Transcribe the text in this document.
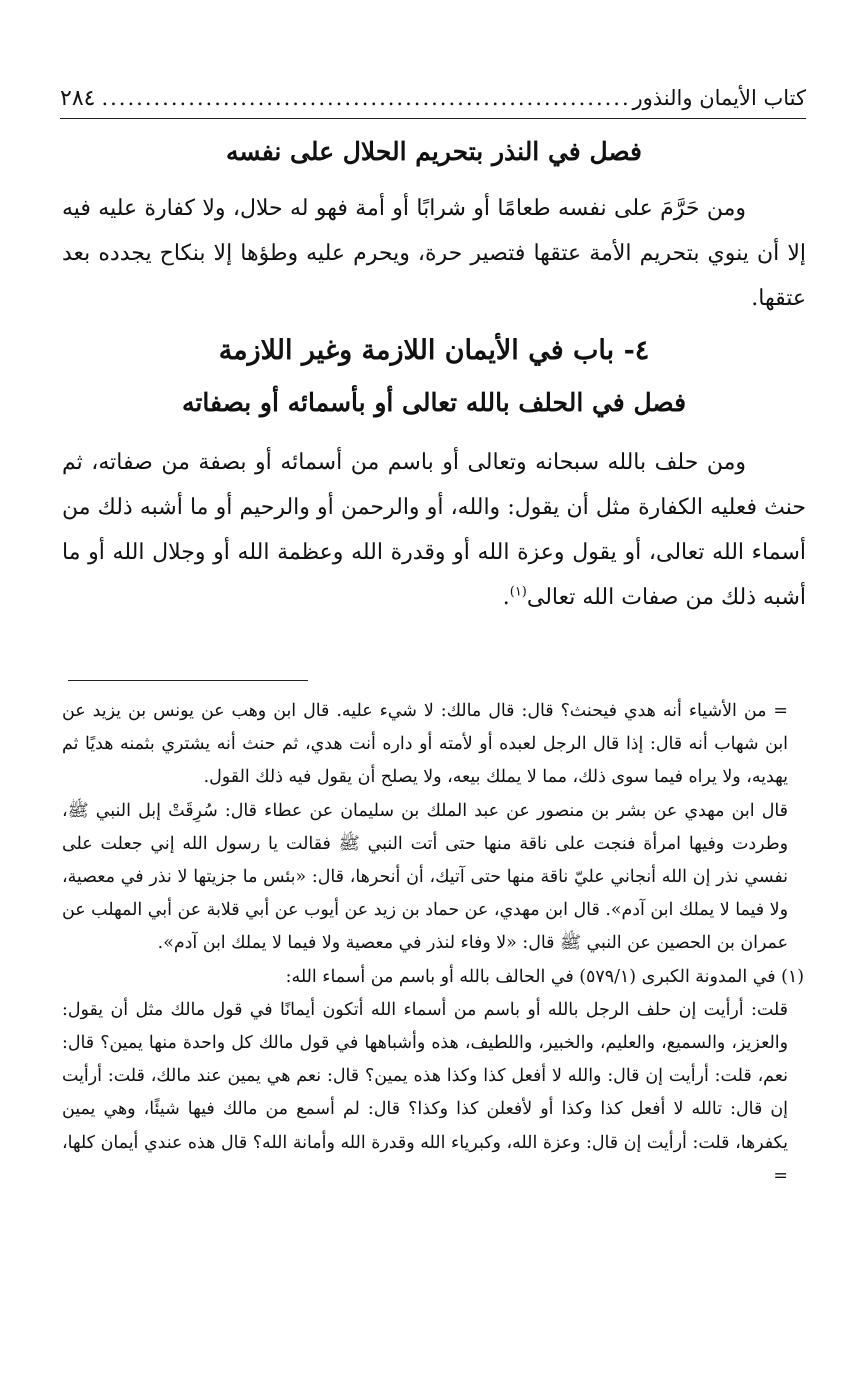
كتاب الأيمان والنذور
.....
٢٨٤
فصل في النذر بتحريم الحلال على نفسه
ومن حَرَّمَ على نفسه طعامًا أو شرابًا أو أمة فهو له حلال، ولا كفارة عليه فيه إلا أن ينوي بتحريم الأمة عتقها فتصير حرة، ويحرم عليه وطؤها إلا بنكاح يجدده بعد عتقها.
٤- باب في الأيمان اللازمة وغير اللازمة
فصل في الحلف بالله تعالى أو بأسمائه أو بصفاته
ومن حلف بالله سبحانه وتعالى أو باسم من أسمائه أو بصفة من صفاته، ثم حنث فعليه الكفارة مثل أن يقول: والله، أو والرحمن أو والرحيم أو ما أشبه ذلك من أسماء الله تعالى، أو يقول وعزة الله أو وقدرة الله وعظمة الله أو وجلال الله أو ما أشبه ذلك من صفات الله تعالى$^{(١)}$.

= من الأشياء أنه هدي فيحنث؟ قال: قال مالك: لا شيء عليه. قال ابن وهب عن يونس بن يزيد عن ابن شهاب أنه قال: إذا قال الرجل لعبده أو لأمته أو داره أنت هدي، ثم حنث أنه يشتري بثمنه هديًا ثم يهديه، ولا يراه فيما سوى ذلك، مما لا يملك بيعه، ولا يصلح أن يقول فيه ذلك القول.

قال ابن مهدي عن بشر بن منصور عن عبد الملك بن سليمان عن عطاء قال: سُرِقَتْ إبل النبي ﷺ، وطردت وفيها امرأة فنجت على ناقة منها حتى أتت النبي ﷺ فقالت يا رسول الله إني جعلت على نفسي نذر إن الله أنجاني عليّ ناقة منها حتى آتيك، أن أنحرها، قال: «بئس ما جزيتها لا نذر في معصية، ولا فيما لا يملك ابن آدم». قال ابن مهدي، عن حماد بن زيد عن أيوب عن أبي قلابة عن أبي المهلب عن عمران بن الحصين عن النبي ﷺ قال: «لا وفاء لنذر في معصية ولا فيما لا يملك ابن آدم».

(١) في المدونة الكبرى (٥٧٩/١) في الحالف بالله أو باسم من أسماء الله:

قلت: أرأيت إن حلف الرجل بالله أو باسم من أسماء الله أتكون أيمانًا في قول مالك مثل أن يقول: والعزيز، والسميع، والعليم، والخبير، واللطيف، هذه وأشباهها في قول مالك كل واحدة منها يمين؟ قال: نعم، قلت: أرأيت إن قال: والله لا أفعل كذا وكذا هذه يمين؟ قال: نعم هي يمين عند مالك، قلت: أرأيت إن قال: تالله لا أفعل كذا وكذا أو لأفعلن كذا وكذا؟ قال: لم أسمع من مالك فيها شيئًا، وهي يمين يكفرها، قلت: أرأيت إن قال: وعزة الله، وكبرياء الله وقدرة الله وأمانة الله؟ قال هذه عندي أيمان كلها، =
